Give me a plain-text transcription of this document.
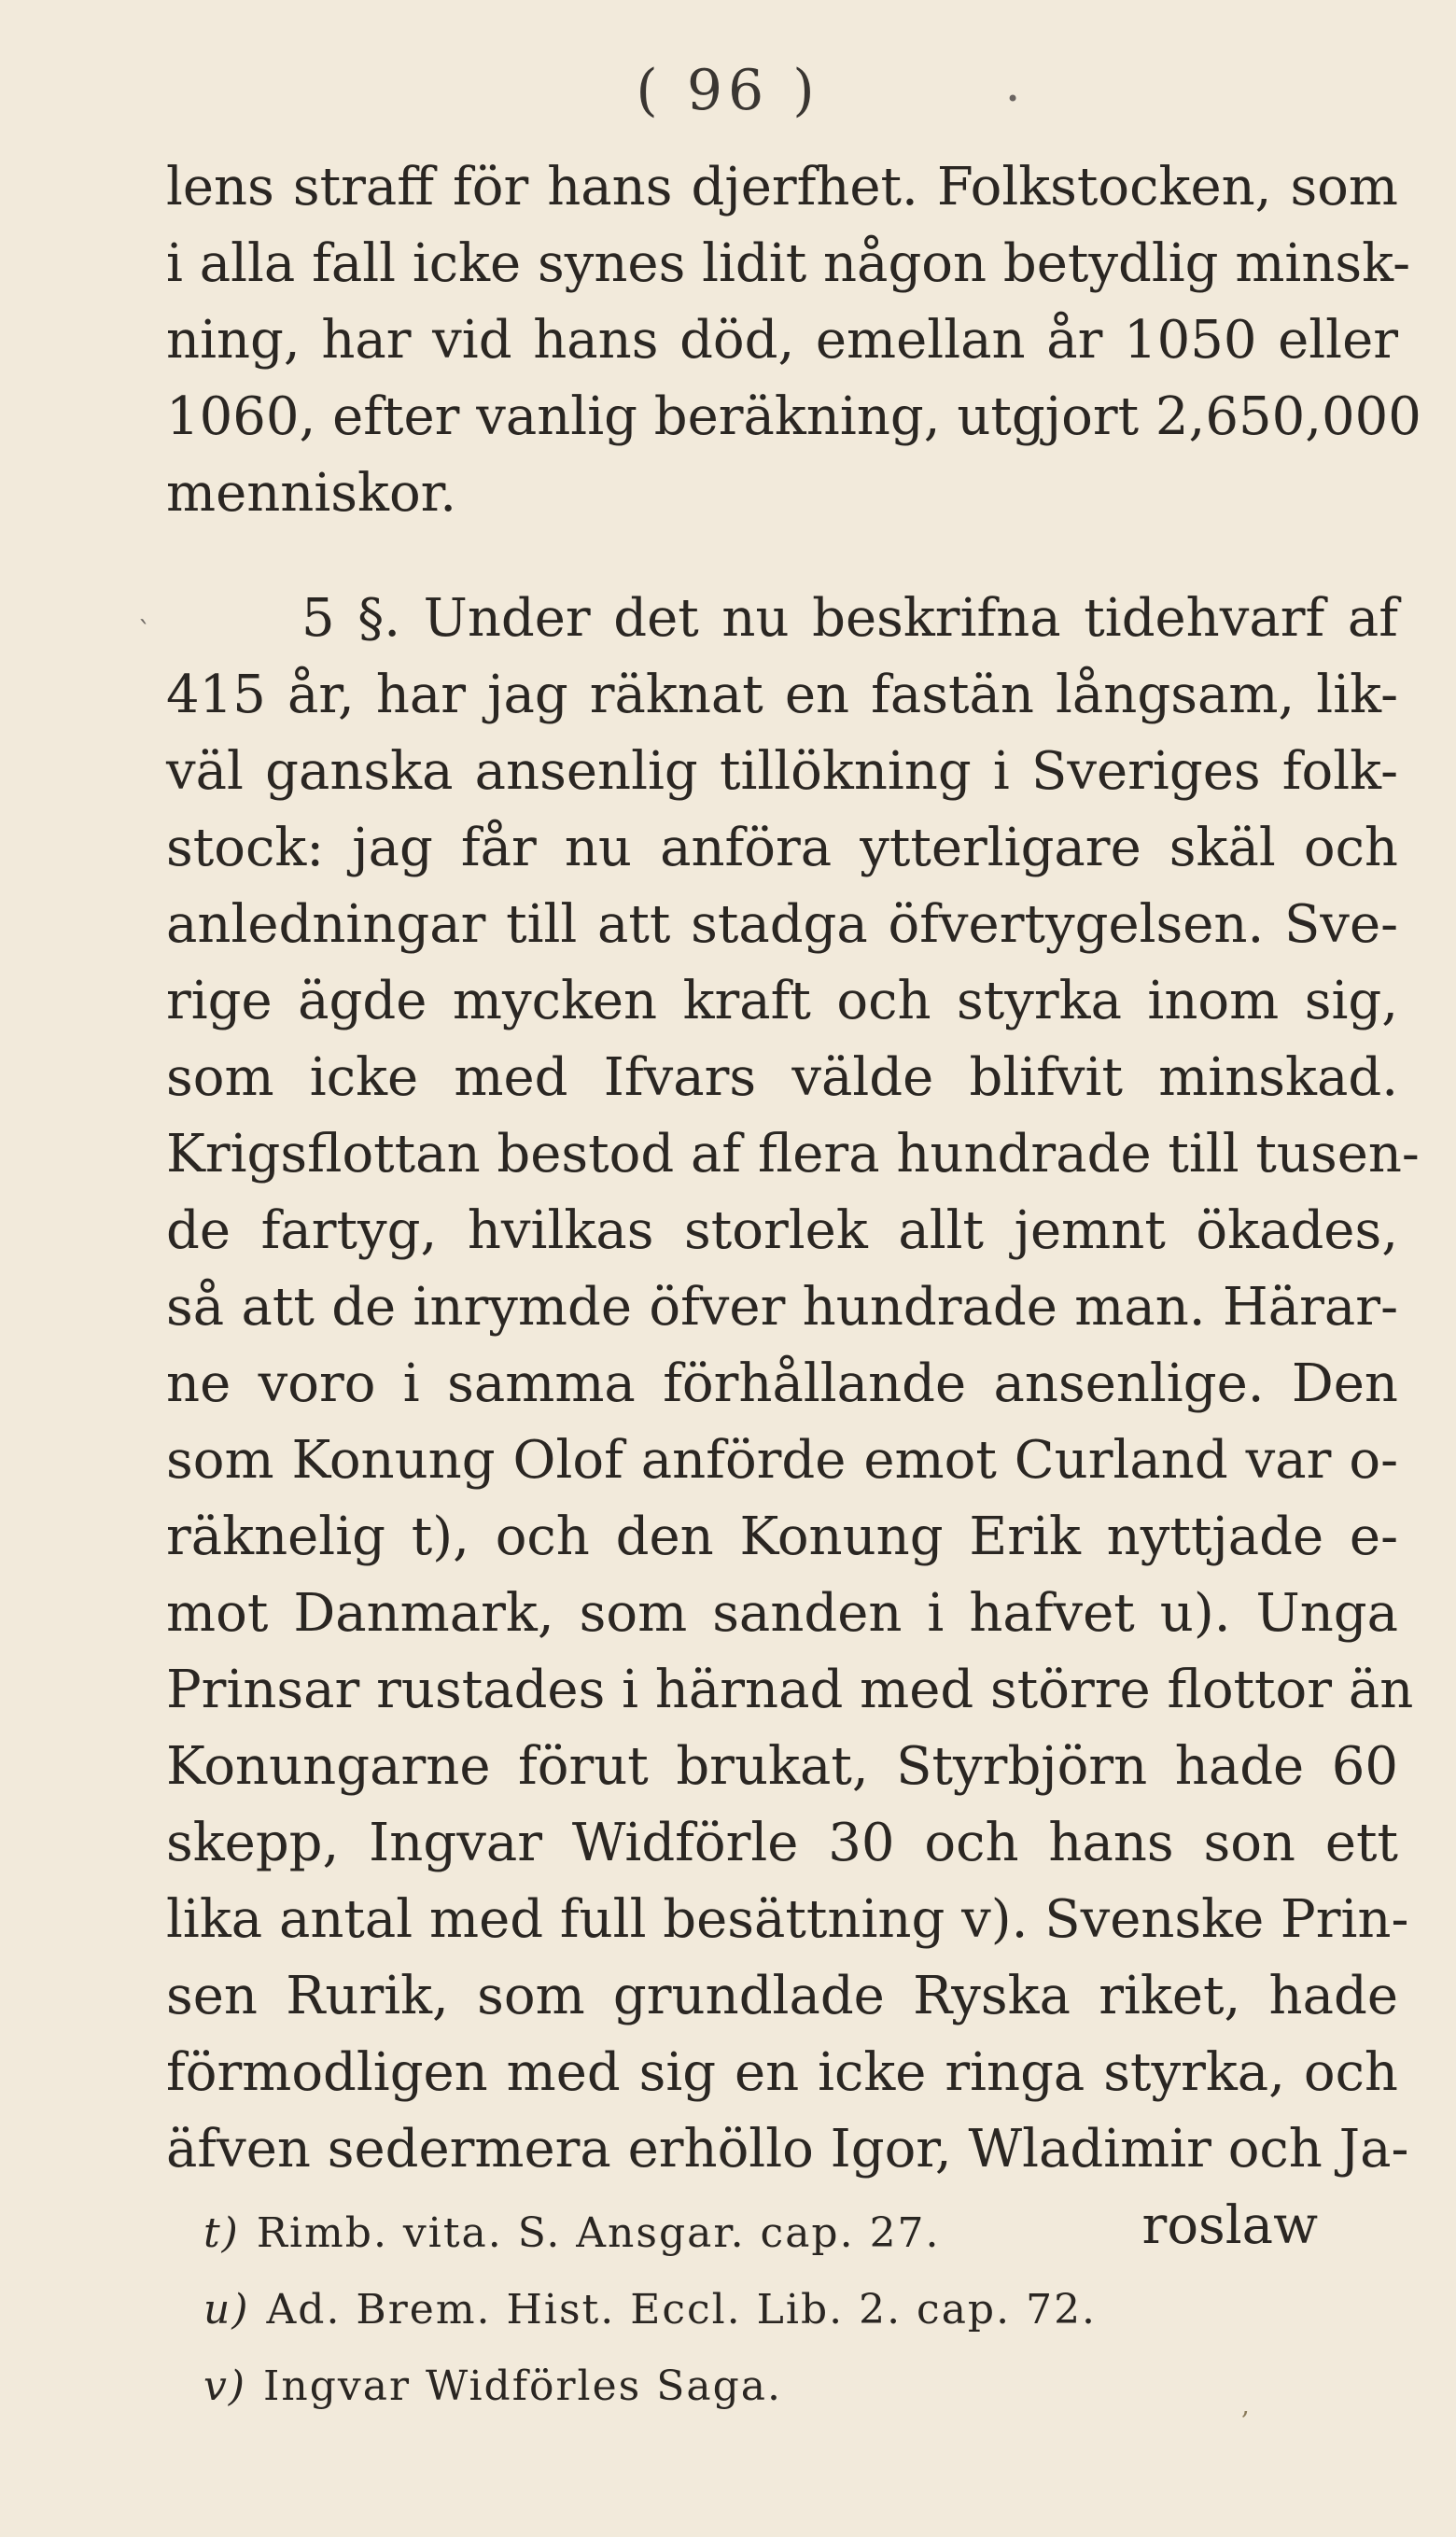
( 96 )	•
lens straff för hans djerfhet. Folkstocken, som
i alla fall icke synes lidit någon betydlig minsk-
ning, har vid hans död, emellan år 1050 eller
1060, efter vanlig beräkning, utgjort 2,650,000
menniskor.
5 §. Under det nu beskrifna tidehvarf af
415 år, har jag räknat en fastän långsam, lik-
väl ganska ansenlig tillökning i Sveriges folk-
stock: jag får nu anföra ytterligare skäl och
anledningar till att stadga öfvertygelsen. Sve-
rige ägde mycken kraft och styrka inom sig,
som icke med Ifvars välde blifvit minskad.
Krigsflottan bestod af flera hundrade till tusen-
de fartyg, hvilkas storlek allt jemnt ökades,
så att de inrymde öfver hundrade man. Härar-
ne voro i samma förhållande ansenlige. Den
som Konung Olof anförde emot Curland var o-
räknelig t), och den Konung Erik nyttjade e-
mot Danmark, som sanden i hafvet u). Unga
Prinsar rustades i härnad med större flottor än
Konungarne förut brukat, Styrbjörn hade 60
skepp, Ingvar Widförle 30 och hans son ett
lika antal med full besättning v). Svenske Prin-
sen Rurik, som grundlade Ryska riket, hade
förmodligen med sig en icke ringa styrka, och
äfven sedermera erhöllo Igor, Wladimir och Ja-
roslaw
`
t) Rimb. vita. S. Ansgar. cap. 27.
u) Ad. Brem. Hist. Eccl. Lib. 2. cap. 72.
v) Ingvar Widförles Saga.	,
